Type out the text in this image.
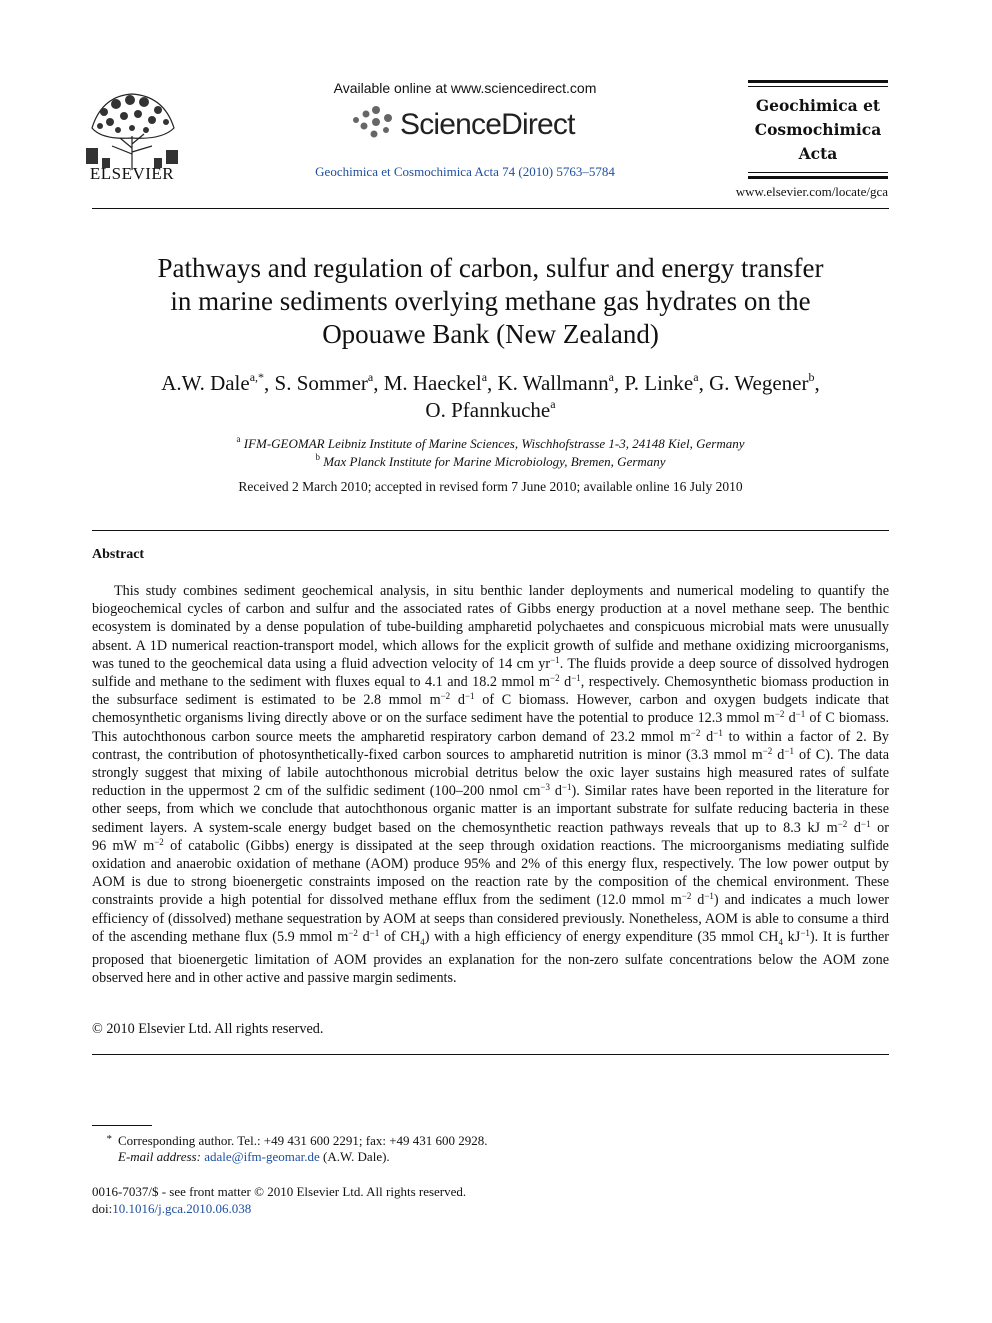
ELSEVIER
Available online at www.sciencedirect.com
ScienceDirect
Geochimica et Cosmochimica Acta 74 (2010) 5763–5784
Geochimica et
Cosmochimica
Acta
www.elsevier.com/locate/gca
Pathways and regulation of carbon, sulfur and energy transfer
in marine sediments overlying methane gas hydrates on the
Opouawe Bank (New Zealand)
A.W. Dale$^{a,*}$, S. Sommer$^a$, M. Haeckel$^a$, K. Wallmann$^a$, P. Linke$^a$, G. Wegener$^b$,
O. Pfannkuche$^a$
$^a$ IFM-GEOMAR Leibniz Institute of Marine Sciences, Wischhofstrasse 1-3, 24148 Kiel, Germany
$^b$ Max Planck Institute for Marine Microbiology, Bremen, Germany
Received 2 March 2010; accepted in revised form 7 June 2010; available online 16 July 2010
Abstract
This study combines sediment geochemical analysis, in situ benthic lander deployments and numerical modeling to quantify the biogeochemical cycles of carbon and sulfur and the associated rates of Gibbs energy production at a novel methane seep. The benthic ecosystem is dominated by a dense population of tube-building ampharetid polychaetes and conspicuous microbial mats were unusually absent. A 1D numerical reaction-transport model, which allows for the explicit growth of sulfide and methane oxidizing microorganisms, was tuned to the geochemical data using a fluid advection velocity of 14 cm $yr^{-1}$. The fluids provide a deep source of dissolved hydrogen sulfide and methane to the sediment with fluxes equal to 4.1 and 18.2 mmol $m^{-2}$ $d^{-1}$, respectively. Chemosynthetic biomass production in the subsurface sediment is estimated to be 2.8 mmol $m^{-2}$ $d^{-1}$ of C biomass. However, carbon and oxygen budgets indicate that chemosynthetic organisms living directly above or on the surface sediment have the potential to produce 12.3 mmol $m^{-2}$ $d^{-1}$ of C biomass. This autochthonous carbon source meets the ampharetid respiratory carbon demand of 23.2 mmol $m^{-2}$ $d^{-1}$ to within a factor of 2. By contrast, the contribution of photosynthetically-fixed carbon sources to ampharetid nutrition is minor (3.3 mmol $m^{-2}$ $d^{-1}$ of C). The data strongly suggest that mixing of labile autochthonous microbial detritus below the oxic layer sustains high measured rates of sulfate reduction in the uppermost 2 cm of the sulfidic sediment (100–200 nmol $cm^{-3}$ $d^{-1}$). Similar rates have been reported in the literature for other seeps, from which we conclude that autochthonous organic matter is an important substrate for sulfate reducing bacteria in these sediment layers. A system-scale energy budget based on the chemosynthetic reaction pathways reveals that up to 8.3 kJ $m^{-2}$ $d^{-1}$ or 96 mW $m^{-2}$ of catabolic (Gibbs) energy is dissipated at the seep through oxidation reactions. The microorganisms mediating sulfide oxidation and anaerobic oxidation of methane (AOM) produce 95% and 2% of this energy flux, respectively. The low power output by AOM is due to strong bioenergetic constraints imposed on the reaction rate by the composition of the chemical environment. These constraints provide a high potential for dissolved methane efflux from the sediment (12.0 mmol $m^{-2}$ $d^{-1}$) and indicates a much lower efficiency of (dissolved) methane sequestration by AOM at seeps than considered previously. Nonetheless, AOM is able to consume a third of the ascending methane flux (5.9 mmol $m^{-2}$ $d^{-1}$ of $CH_4$) with a high efficiency of energy expenditure (35 mmol $CH_4$ $kJ^{-1}$). It is further proposed that bioenergetic limitation of AOM provides an explanation for the non-zero sulfate concentrations below the AOM zone observed here and in other active and passive margin sediments.
© 2010 Elsevier Ltd. All rights reserved.
* Corresponding author. Tel.: +49 431 600 2291; fax: +49 431 600 2928.
E-mail address: adale@ifm-geomar.de (A.W. Dale).
0016-7037/$ - see front matter © 2010 Elsevier Ltd. All rights reserved.
doi:10.1016/j.gca.2010.06.038
